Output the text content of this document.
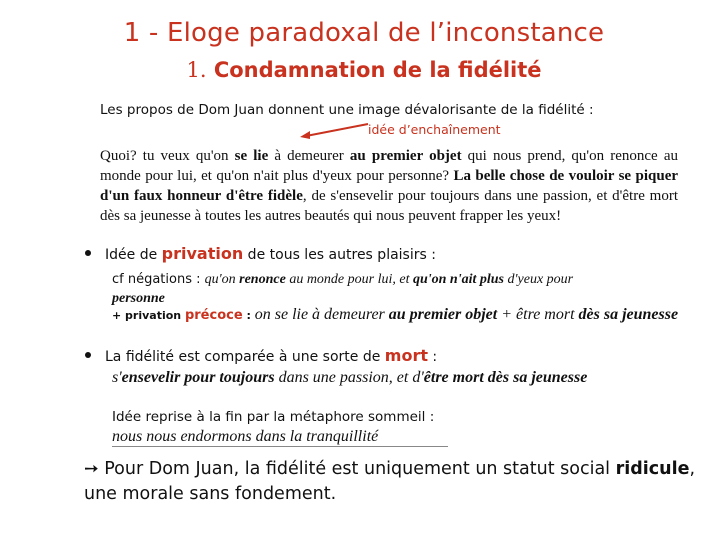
1 - Eloge paradoxal de l’inconstance
1. Condamnation de la fidélité
Les propos de Dom Juan donnent une image dévalorisante de la fidélité :
idée d’enchaînement
Quoi? tu veux qu'on se lie à demeurer au premier objet qui nous prend, qu'on renonce au monde pour lui, et qu'on n'ait plus d'yeux pour personne? La belle chose de vouloir se piquer d'un faux honneur d'être fidèle, de s'ensevelir pour toujours dans une passion, et d'être mort dès sa jeunesse à toutes les autres beautés qui nous peuvent frapper les yeux!
Idée de privation de tous les autres plaisirs :
cf négations : qu'on renonce au monde pour lui, et qu'on n'ait plus d'yeux pour
personne
+ privation précoce : on se lie à demeurer au premier objet + être mort dès sa jeunesse
La fidélité est comparée à une sorte de mort :
s'ensevelir pour toujours dans une passion, et d'être mort dès sa jeunesse
Idée reprise à la fin par la métaphore sommeil :
nous nous endormons dans la tranquillité
➙ Pour Dom Juan, la fidélité est uniquement un statut social ridicule, une morale sans fondement.
